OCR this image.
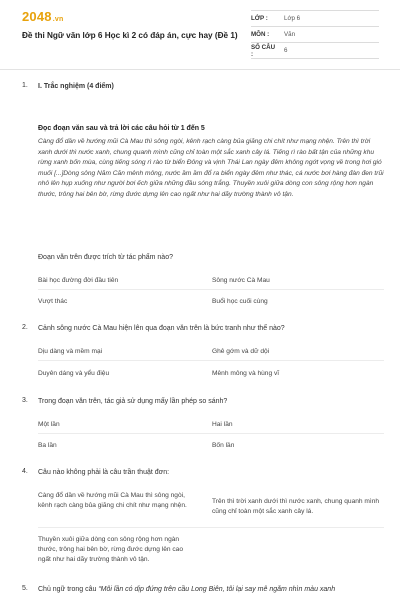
2048.vn
Đề thi Ngữ văn lớp 6 Học kì 2 có đáp án, cực hay (Đề 1)
LỚP :	Lớp 6
MÔN :	Văn
SỐ CÂU :	6
1. I. Trắc nghiệm (4 điểm)
Đọc đoạn văn sau và trả lời các câu hỏi từ 1 đến 5
Càng đổ dần về hướng mũi Cà Mau thì sông ngòi, kênh rạch càng bủa giăng chi chít như mạng nhện. Trên thì trời xanh dưới thì nước xanh, chung quanh mình cũng chỉ toàn một sắc xanh cây lá. Tiếng rì rào bất tận của những khu rừng xanh bốn mùa, cùng tiếng sóng rì rào từ biển Đông và vịnh Thái Lan ngày đêm không ngớt vọng về trong hơi gió muối [...]Dòng sông Năm Căn mênh mông, nước ầm ầm đổ ra biển ngày đêm như thác, cá nước bơi hàng đàn đen trũi nhô lên hụp xuống như người bơi ếch giữa những đầu sóng trắng. Thuyền xuôi giữa dòng con sông rộng hơn ngàn thước, trông hai bên bờ, rừng đước dựng lên cao ngất như hai dãy trường thành vô tận.
Đoạn văn trên được trích từ tác phẩm nào?
Bài học đường đời đầu tiên	Sông nước Cà Mau
Vượt thác	Buổi học cuối cùng
2. Cảnh sông nước Cà Mau hiện lên qua đoạn văn trên là bức tranh như thế nào?
Dịu dàng và mềm mại	Ghê gớm và dữ dội
Duyên dáng và yểu điệu	Mênh mông và hùng vĩ
3. Trong đoạn văn trên, tác giả sử dụng mấy lần phép so sánh?
Một lần	Hai lần
Ba lần	Bốn lần
4. Câu nào không phải là câu trần thuật đơn:
Càng đổ dần về hướng mũi Cà Mau thì sông ngòi, kênh rạch càng bủa giăng chi chít như mạng nhện.
Trên thì trời xanh dưới thì nước xanh, chung quanh mình cũng chỉ toàn một sắc xanh cây lá.
Thuyền xuôi giữa dòng con sông rộng hơn ngàn thước, trông hai bên bờ, rừng đước dựng lên cao ngất như hai dãy trường thành vô tận.
5. Chủ ngữ trong câu “Mỗi lần có dịp đứng trên cầu Long Biên, tôi lại say mê ngắm nhìn màu xanh
